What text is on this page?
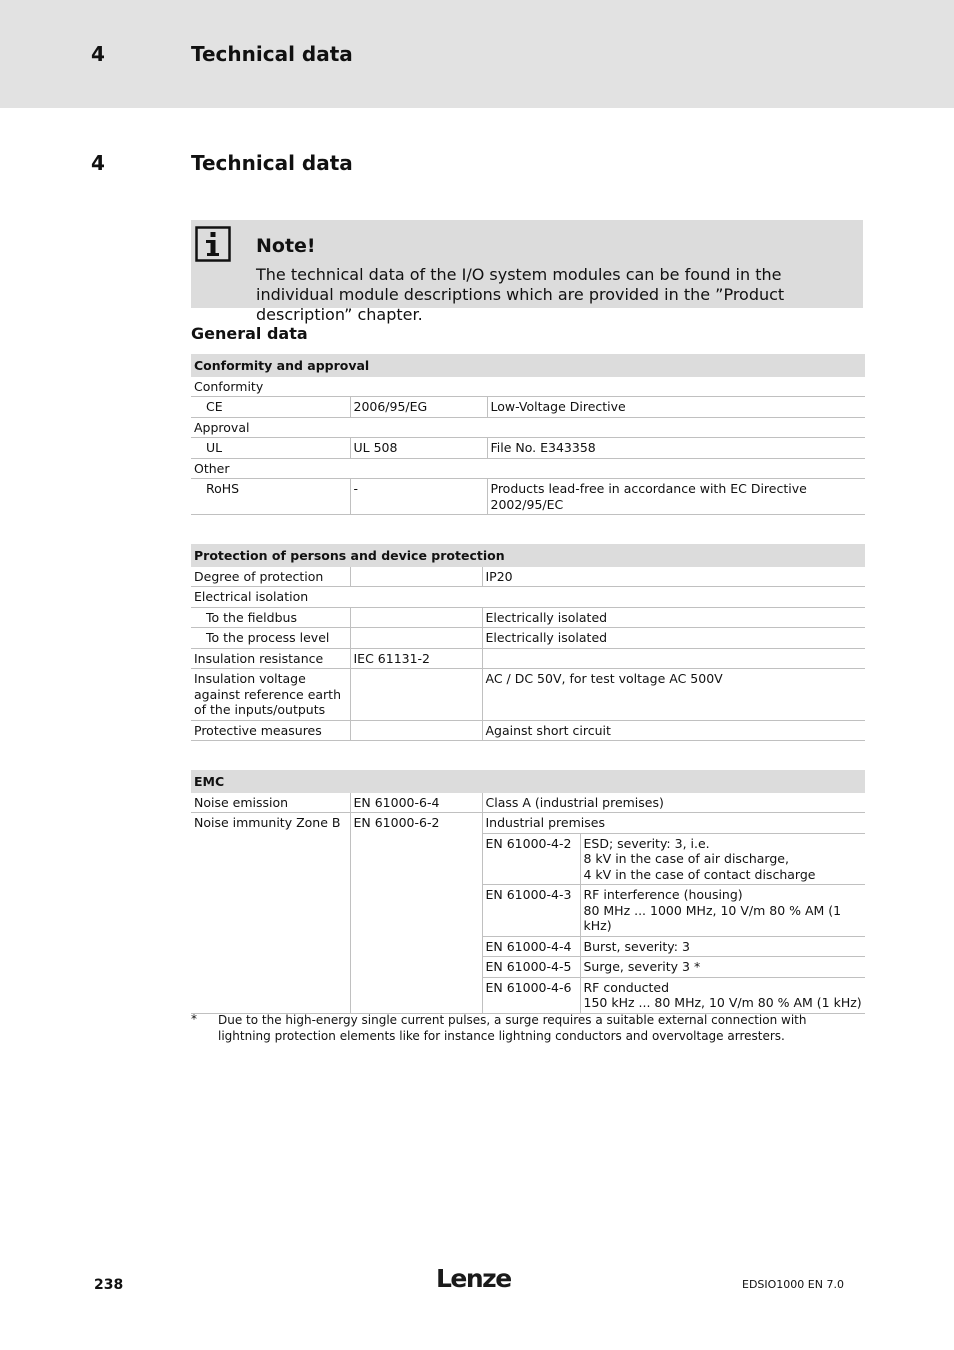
4	Technical data
4	Technical data
Note!
The technical data of the I/O system modules can be found in the individual module descriptions which are provided in the ”Product description” chapter.
General data
Conformity and approval		
Conformity		
CE	2006/95/EG	Low-Voltage Directive
Approval		
UL	UL 508	File No. E343358
Other		
RoHS	-	Products lead-free in accordance with EC Directive 2002/95/EC
Protection of persons and device protection		
Degree of protection		IP20
Electrical isolation		
To the fieldbus		Electrically isolated
To the process level		Electrically isolated
Insulation resistance	IEC 61131-2	
Insulation voltage against reference earth of the inputs/outputs		AC / DC 50V, for test voltage AC 500V
Protective measures		Against short circuit
EMC			
Noise emission	EN 61000-6-4	Class A (industrial premises)	
Noise immunity Zone B	EN 61000-6-2	Industrial premises	
		EN 61000-4-2	ESD; severity: 3, i.e.
8 kV in the case of air discharge,
4 kV in the case of contact discharge

		EN 61000-4-3	RF interference (housing)
80 MHz ... 1000 MHz, 10 V/m 80 % AM (1 kHz)

		EN 61000-4-4	Burst, severity: 3

		EN 61000-4-5	Surge, severity 3 *

		EN 61000-4-6	RF conducted
150 kHz ... 80 MHz, 10 V/m 80 % AM (1 kHz)
* Due to the high-energy single current pulses, a surge requires a suitable external connection with lightning protection elements like for instance lightning conductors and overvoltage arresters.
238	Lenze	EDSIO1000 EN 7.0
